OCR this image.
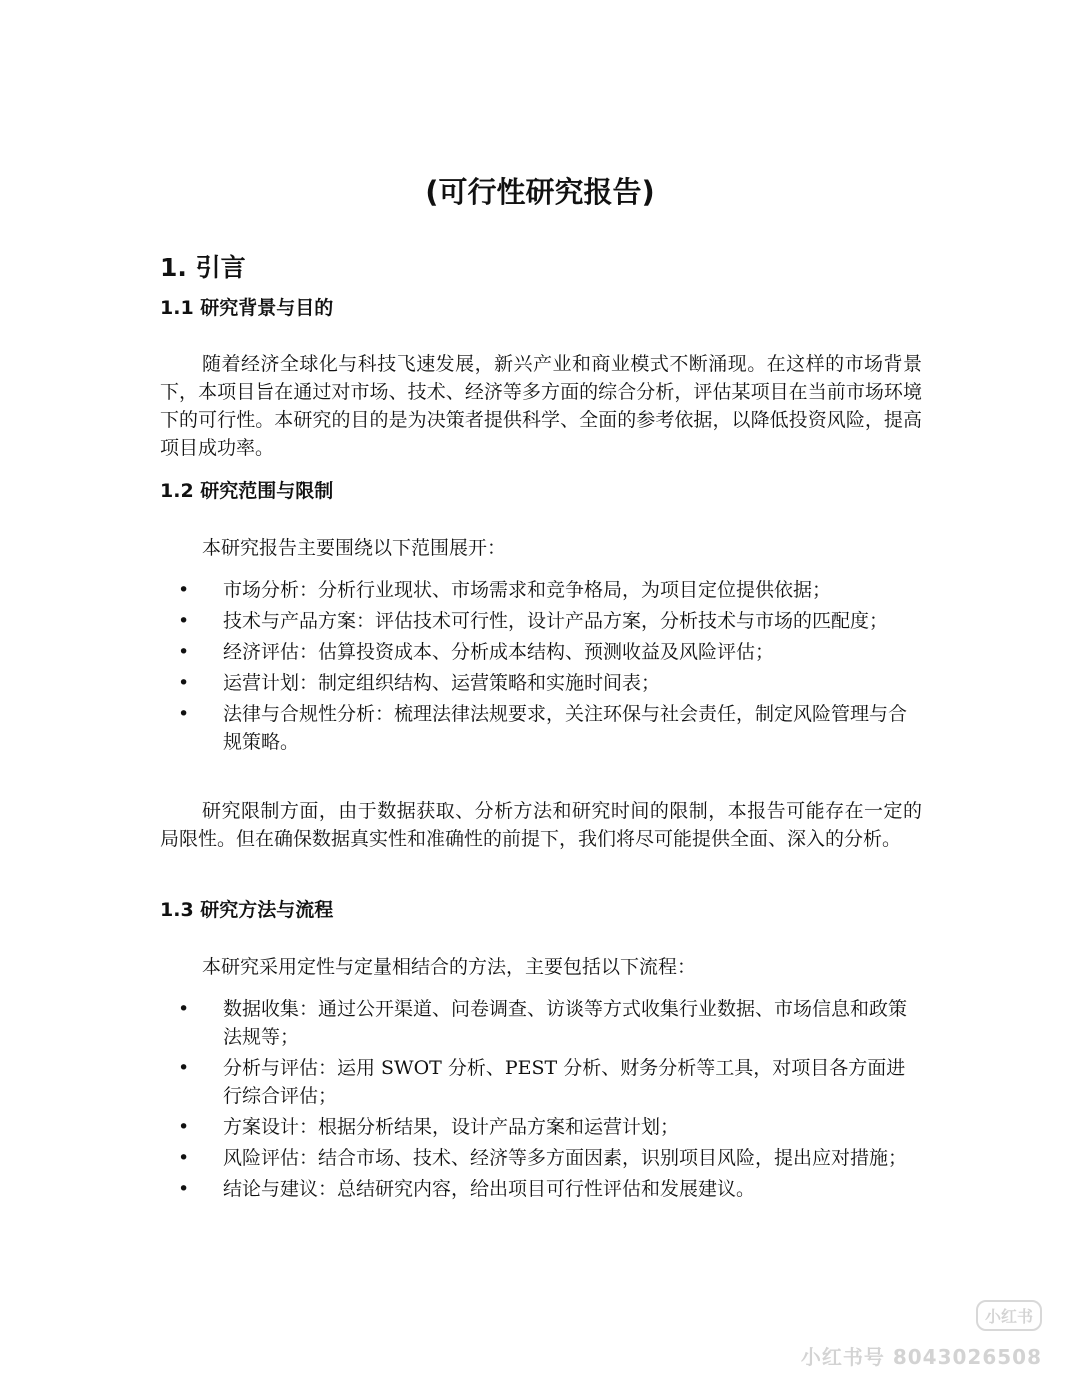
(可行性研究报告)
1. 引言
1.1 研究背景与目的

随着经济全球化与科技飞速发展，新兴产业和商业模式不断涌现。在这样的市场背景下，本项目旨在通过对市场、技术、经济等多方面的综合分析，评估某项目在当前市场环境下的可行性。本研究的目的是为决策者提供科学、全面的参考依据，以降低投资风险，提高项目成功率。

1.2 研究范围与限制

本研究报告主要围绕以下范围展开：

• 市场分析：分析行业现状、市场需求和竞争格局，为项目定位提供依据；
• 技术与产品方案：评估技术可行性，设计产品方案，分析技术与市场的匹配度；
• 经济评估：估算投资成本、分析成本结构、预测收益及风险评估；
• 运营计划：制定组织结构、运营策略和实施时间表；
• 法律与合规性分析：梳理法律法规要求，关注环保与社会责任，制定风险管理与合规策略。

研究限制方面，由于数据获取、分析方法和研究时间的限制，本报告可能存在一定的局限性。但在确保数据真实性和准确性的前提下，我们将尽可能提供全面、深入的分析。

1.3 研究方法与流程

本研究采用定性与定量相结合的方法，主要包括以下流程：

• 数据收集：通过公开渠道、问卷调查、访谈等方式收集行业数据、市场信息和政策法规等；
• 分析与评估：运用 SWOT 分析、PEST 分析、财务分析等工具，对项目各方面进行综合评估；
• 方案设计：根据分析结果，设计产品方案和运营计划；
• 风险评估：结合市场、技术、经济等多方面因素，识别项目风险，提出应对措施；
• 结论与建议：总结研究内容，给出项目可行性评估和发展建议。
小红书
小红书号 8043026508
